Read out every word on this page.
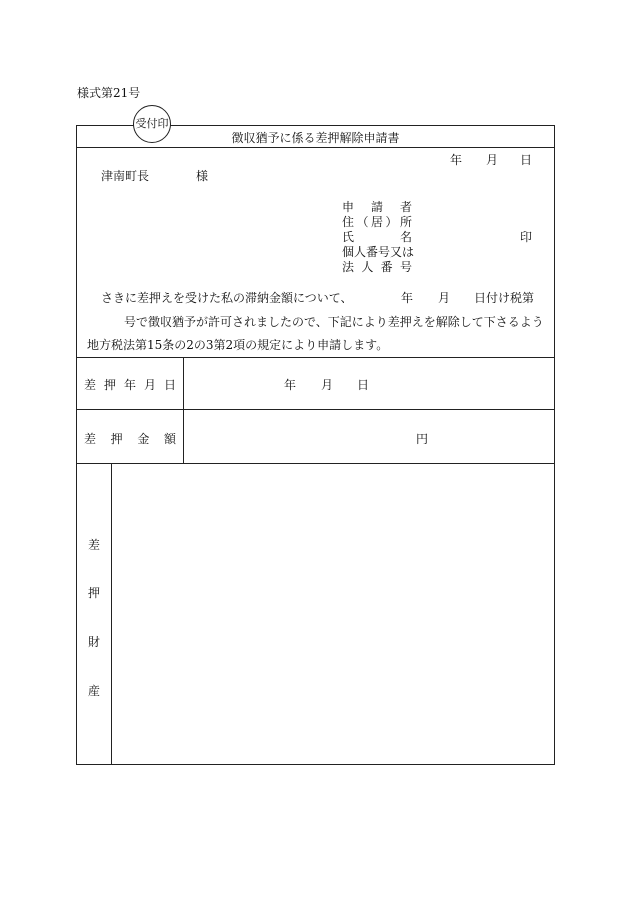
様式第21号
受付印
徴収猶予に係る差押解除申請書
年 月 日
津南町長	様
申　請　者
住（居）所
氏　　　名	印
個人番号又は
法人番号
さきに差押えを受けた私の滞納金額について、	年 月 日付け税第
号で徴収猶予が許可されましたので、下記により差押えを解除して下さるよう
地方税法第15条の2の3第2項の規定により申請します。
差押年月日	年 月 日
差押金額	円
差
押
財
産
